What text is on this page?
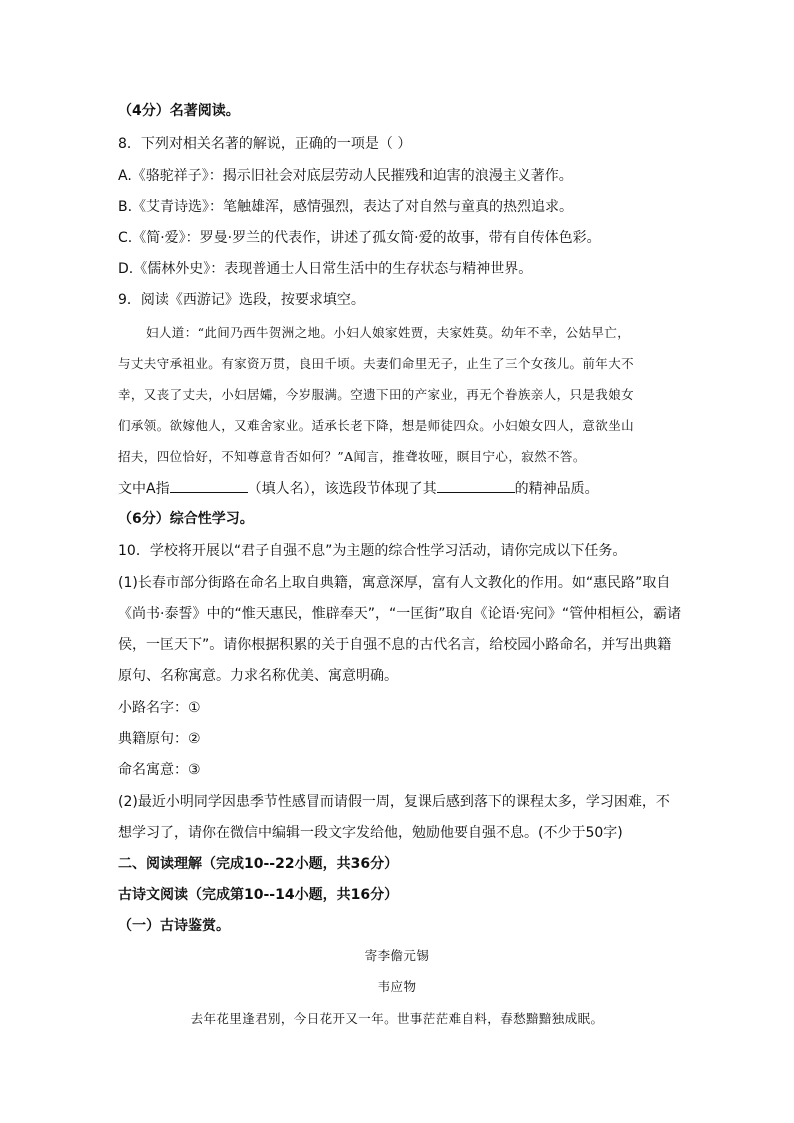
（4分）名著阅读。
8．下列对相关名著的解说，正确的一项是（ ）
A.《骆驼祥子》：揭示旧社会对底层劳动人民摧残和迫害的浪漫主义著作。
B.《艾青诗选》：笔触雄浑，感情强烈，表达了对自然与童真的热烈追求。
C.《简·爱》：罗曼·罗兰的代表作，讲述了孤女简·爱的故事，带有自传体色彩。
D.《儒林外史》：表现普通士人日常生活中的生存状态与精神世界。
9．阅读《西游记》选段，按要求填空。
妇人道：“此间乃西牛贺洲之地。小妇人娘家姓贾，夫家姓莫。幼年不幸，公姑早亡，
与丈夫守承祖业。有家资万贯，良田千顷。夫妻们命里无子，止生了三个女孩儿。前年大不
幸，又丧了丈夫，小妇居孀，今岁服满。空遗下田的产家业，再无个眷族亲人，只是我娘女
们承领。欲嫁他人，又难舍家业。适承长老下降，想是师徒四众。小妇娘女四人，意欲坐山
招夫，四位恰好，不知尊意肯否如何？”A闻言，推聋妆哑，瞑目宁心，寂然不答。
文中A指	（填人名），该选段节体现了其	的精神品质。
（6分）综合性学习。
10．学校将开展以“君子自强不息”为主题的综合性学习活动，请你完成以下任务。
(1)长春市部分街路在命名上取自典籍，寓意深厚，富有人文教化的作用。如“惠民路”取自
《尚书·泰誓》中的“惟天惠民，惟辟奉天”，“一匡街”取自《论语·宪问》“管仲相桓公，霸诸
侯，一匡天下”。请你根据积累的关于自强不息的古代名言，给校园小路命名，并写出典籍
原句、名称寓意。力求名称优美、寓意明确。
小路名字：①
典籍原句：②
命名寓意：③
(2)最近小明同学因患季节性感冒而请假一周，复课后感到落下的课程太多，学习困难，不
想学习了，请你在微信中编辑一段文字发给他，勉励他要自强不息。(不少于50字)
二、阅读理解（完成10--22小题，共36分）
古诗文阅读（完成第10--14小题，共16分）
（一）古诗鉴赏。
寄李儋元锡
韦应物
去年花里逢君别，今日花开又一年。世事茫茫难自料，春愁黯黯独成眠。
